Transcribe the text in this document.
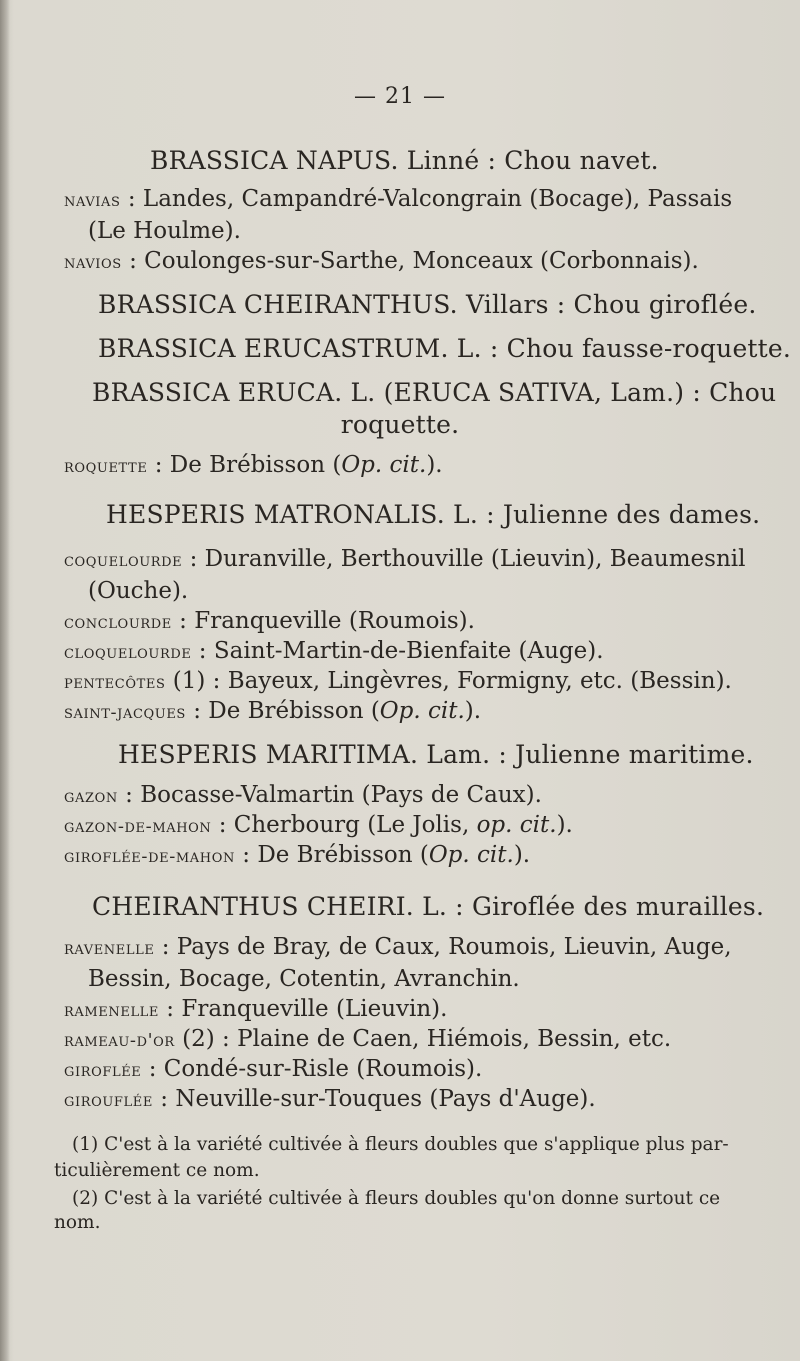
— 21 —
BRASSICA NAPUS. Linné : Chou navet.
navias : Landes, Campandré-Valcongrain (Bocage), Passais
(Le Houlme).
navios : Coulonges-sur-Sarthe, Monceaux (Corbonnais).
BRASSICA CHEIRANTHUS. Villars : Chou giroflée.
BRASSICA ERUCASTRUM. L. : Chou fausse-roquette.
BRASSICA ERUCA. L. (ERUCA SATIVA, Lam.) : Chou
roquette.
roquette : De Brébisson (Op. cit.).
HESPERIS MATRONALIS. L. : Julienne des dames.
coquelourde : Duranville, Berthouville (Lieuvin), Beaumesnil
(Ouche).
conclourde : Franqueville (Roumois).
cloquelourde : Saint-Martin-de-Bienfaite (Auge).
pentecôtes (1) : Bayeux, Lingèvres, Formigny, etc. (Bessin).
saint-jacques : De Brébisson (Op. cit.).
HESPERIS MARITIMA. Lam. : Julienne maritime.
gazon : Bocasse-Valmartin (Pays de Caux).
gazon-de-mahon : Cherbourg (Le Jolis, op. cit.).
giroflée-de-mahon : De Brébisson (Op. cit.).
CHEIRANTHUS CHEIRI. L. : Giroflée des murailles.
ravenelle : Pays de Bray, de Caux, Roumois, Lieuvin, Auge,
Bessin, Bocage, Cotentin, Avranchin.
ramenelle : Franqueville (Lieuvin).
rameau-d'or (2) : Plaine de Caen, Hiémois, Bessin, etc.
giroflée : Condé-sur-Risle (Roumois).
girouflée : Neuville-sur-Touques (Pays d'Auge).
(1) C'est à la variété cultivée à fleurs doubles que s'applique plus par-
ticulièrement ce nom.
(2) C'est à la variété cultivée à fleurs doubles qu'on donne surtout ce
nom.
